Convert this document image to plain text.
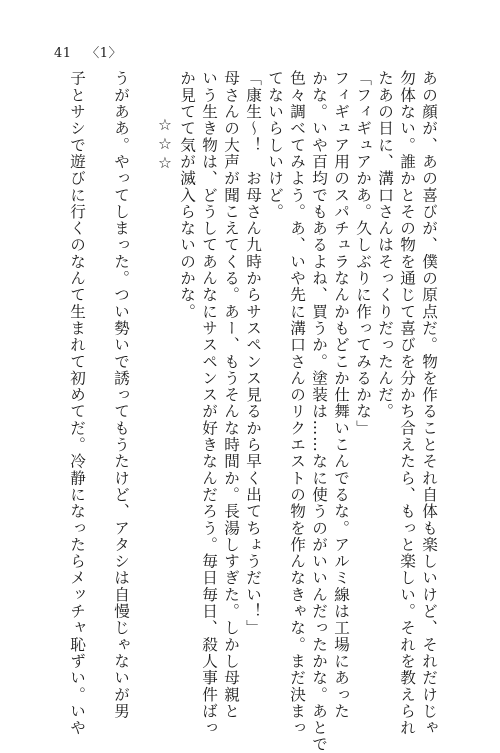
41 〈1〉
あの顔が、あの喜びが、僕の原点だ。物を作ることそれ自体も楽しいけど、それだけじゃ
勿体ない。誰かとその物を通じて喜びを分かち合えたら、もっと楽しい。それを教えられ
たあの日に、溝口さんはそっくりだったんだ。
「フィギュアかあ。久しぶりに作ってみるかな」
フィギュア用のスパチュラなんかもどこか仕舞いこんでるな。アルミ線は工場にあった
かな。いや百均でもあるよね、買うか。塗装は……なに使うのがいいんだったかな。あとで
色々調べてみよう。あ、いや先に溝口さんのリクエストの物を作んなきゃな。まだ決まっ
てないらしいけど。
「康生～！　お母さん九時からサスペンス見るから早く出てちょうだい！」
母さんの大声が聞こえてくる。あー、もうそんな時間か。長湯しすぎた。しかし母親と
いう生き物は、どうしてあんなにサスペンスが好きなんだろう。毎日毎日、殺人事件ばっ
か見てて気が滅入らないのかな。
☆☆☆
うがああ。やってしまった。つい勢いで誘ってもうたけど、アタシは自慢じゃないが男
子とサシで遊びに行くのなんて生まれて初めてだ。冷静になったらメッチャ恥ずい。いや
